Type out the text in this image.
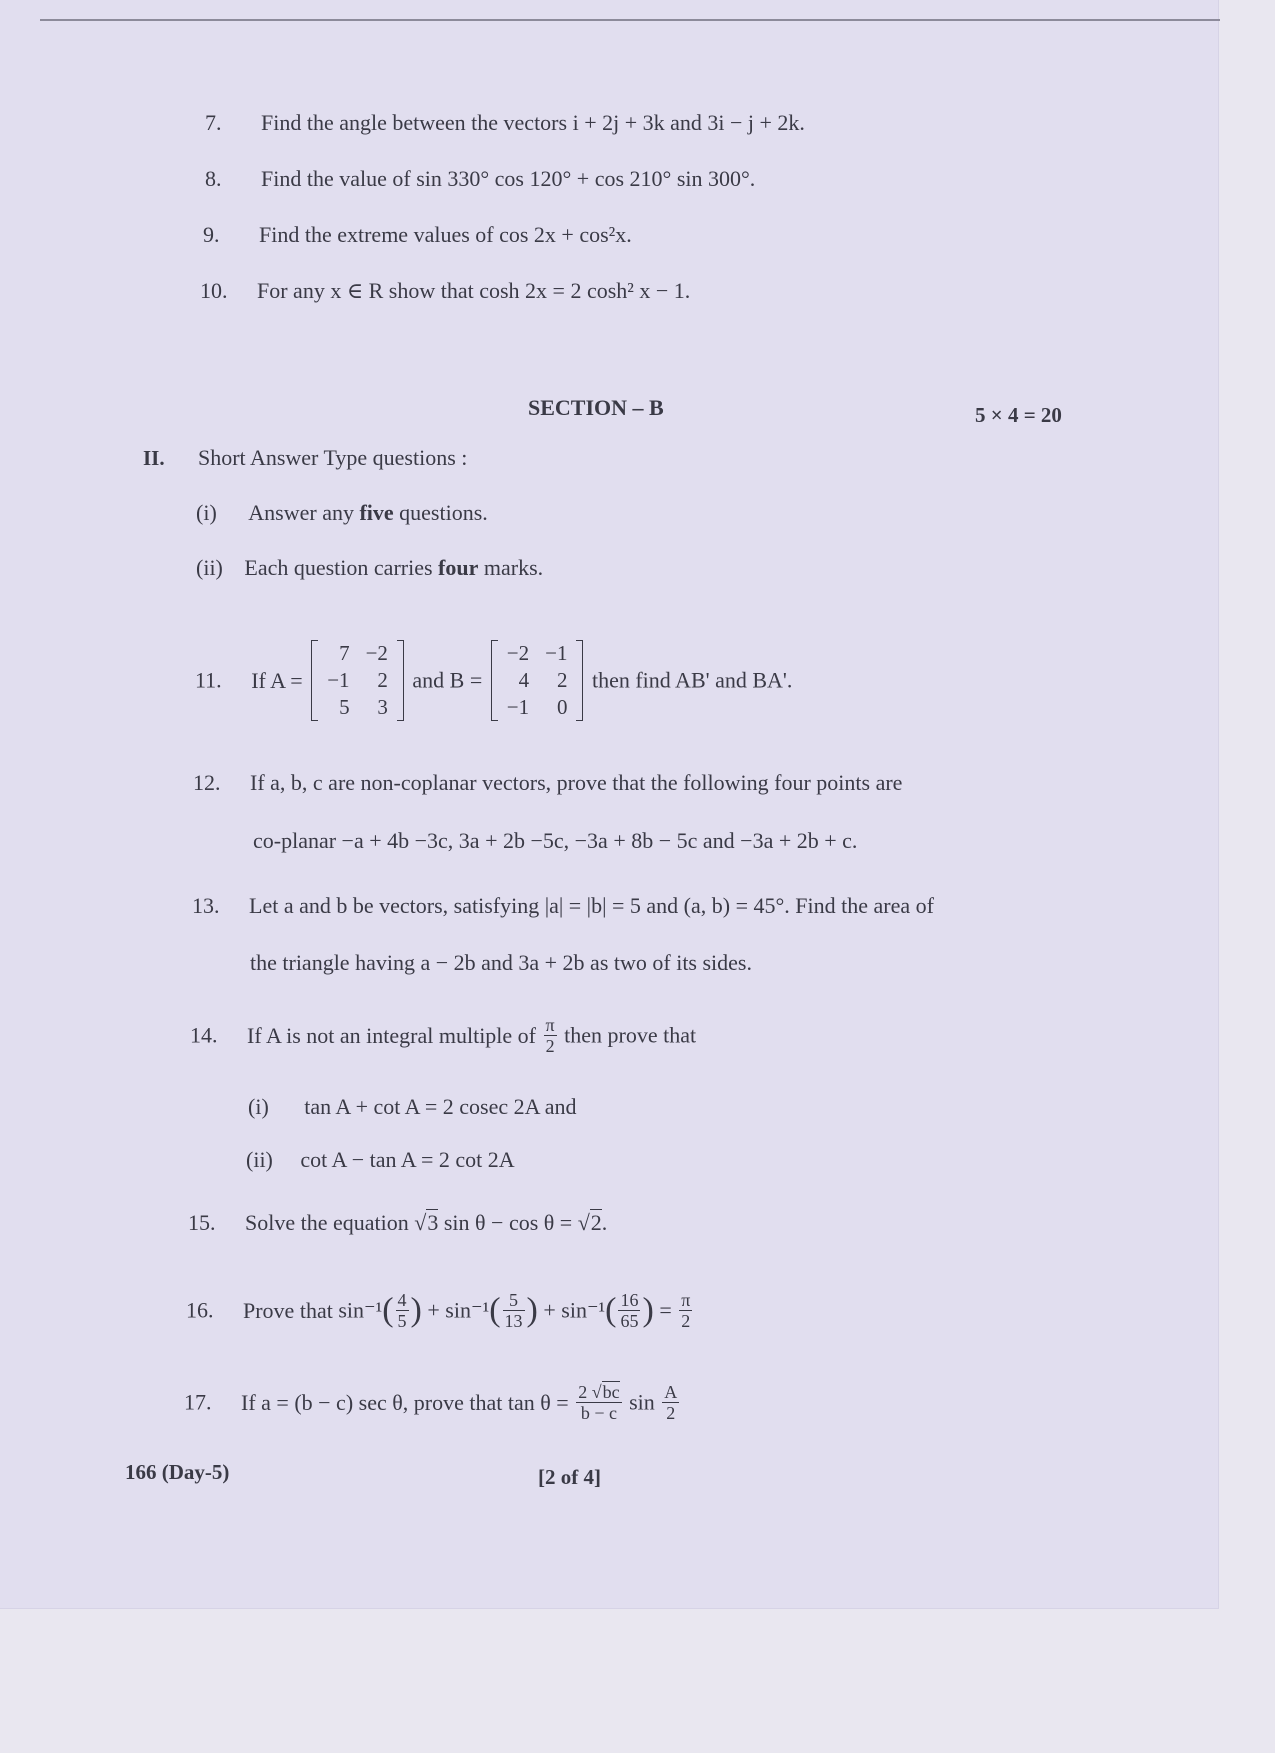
7. Find the angle between the vectors i + 2j + 3k and 3i − j + 2k.
8. Find the value of sin 330° cos 120° + cos 210° sin 300°.
9. Find the extreme values of cos 2x + cos²x.
10. For any x ∈ R show that cosh 2x = 2 cosh² x − 1.
SECTION – B	5 × 4 = 20
II. Short Answer Type questions :
(i) Answer any five questions.
(ii) Each question carries four marks.
11. If A =
7	−2
−1	2
5	3
and B =
−2	−1
4	2
−1	0
then find AB' and BA'.
12. If a, b, c are non-coplanar vectors, prove that the following four points are
co-planar −a + 4b −3c, 3a + 2b −5c, −3a + 8b − 5c and −3a + 2b + c.
13. Let a and b be vectors, satisfying |a| = |b| = 5 and (a, b) = 45°. Find the area of
the triangle having a − 2b and 3a + 2b as two of its sides.
14. If A is not an integral multiple of $\frac{\pi}{2}$ then prove that
(i) tan A + cot A = 2 cosec 2A and
(ii) cot A − tan A = 2 cot 2A
15. Solve the equation √3 sin θ − cos θ = √2.
16. Prove that $\sin^{-1}( \frac{4}{5}$ ) + $\sin^{-1}( \frac{5}{13}$ ) + $\sin^{-1}( \frac{16}{65}$ ) = $\frac{\pi}{2}$
17. If a = (b − c) sec θ, prove that $\tan \theta = \frac{2 √bc}{b - c}$ $\sin \frac{A}{2}$
166 (Day-5)	[2 of 4]
